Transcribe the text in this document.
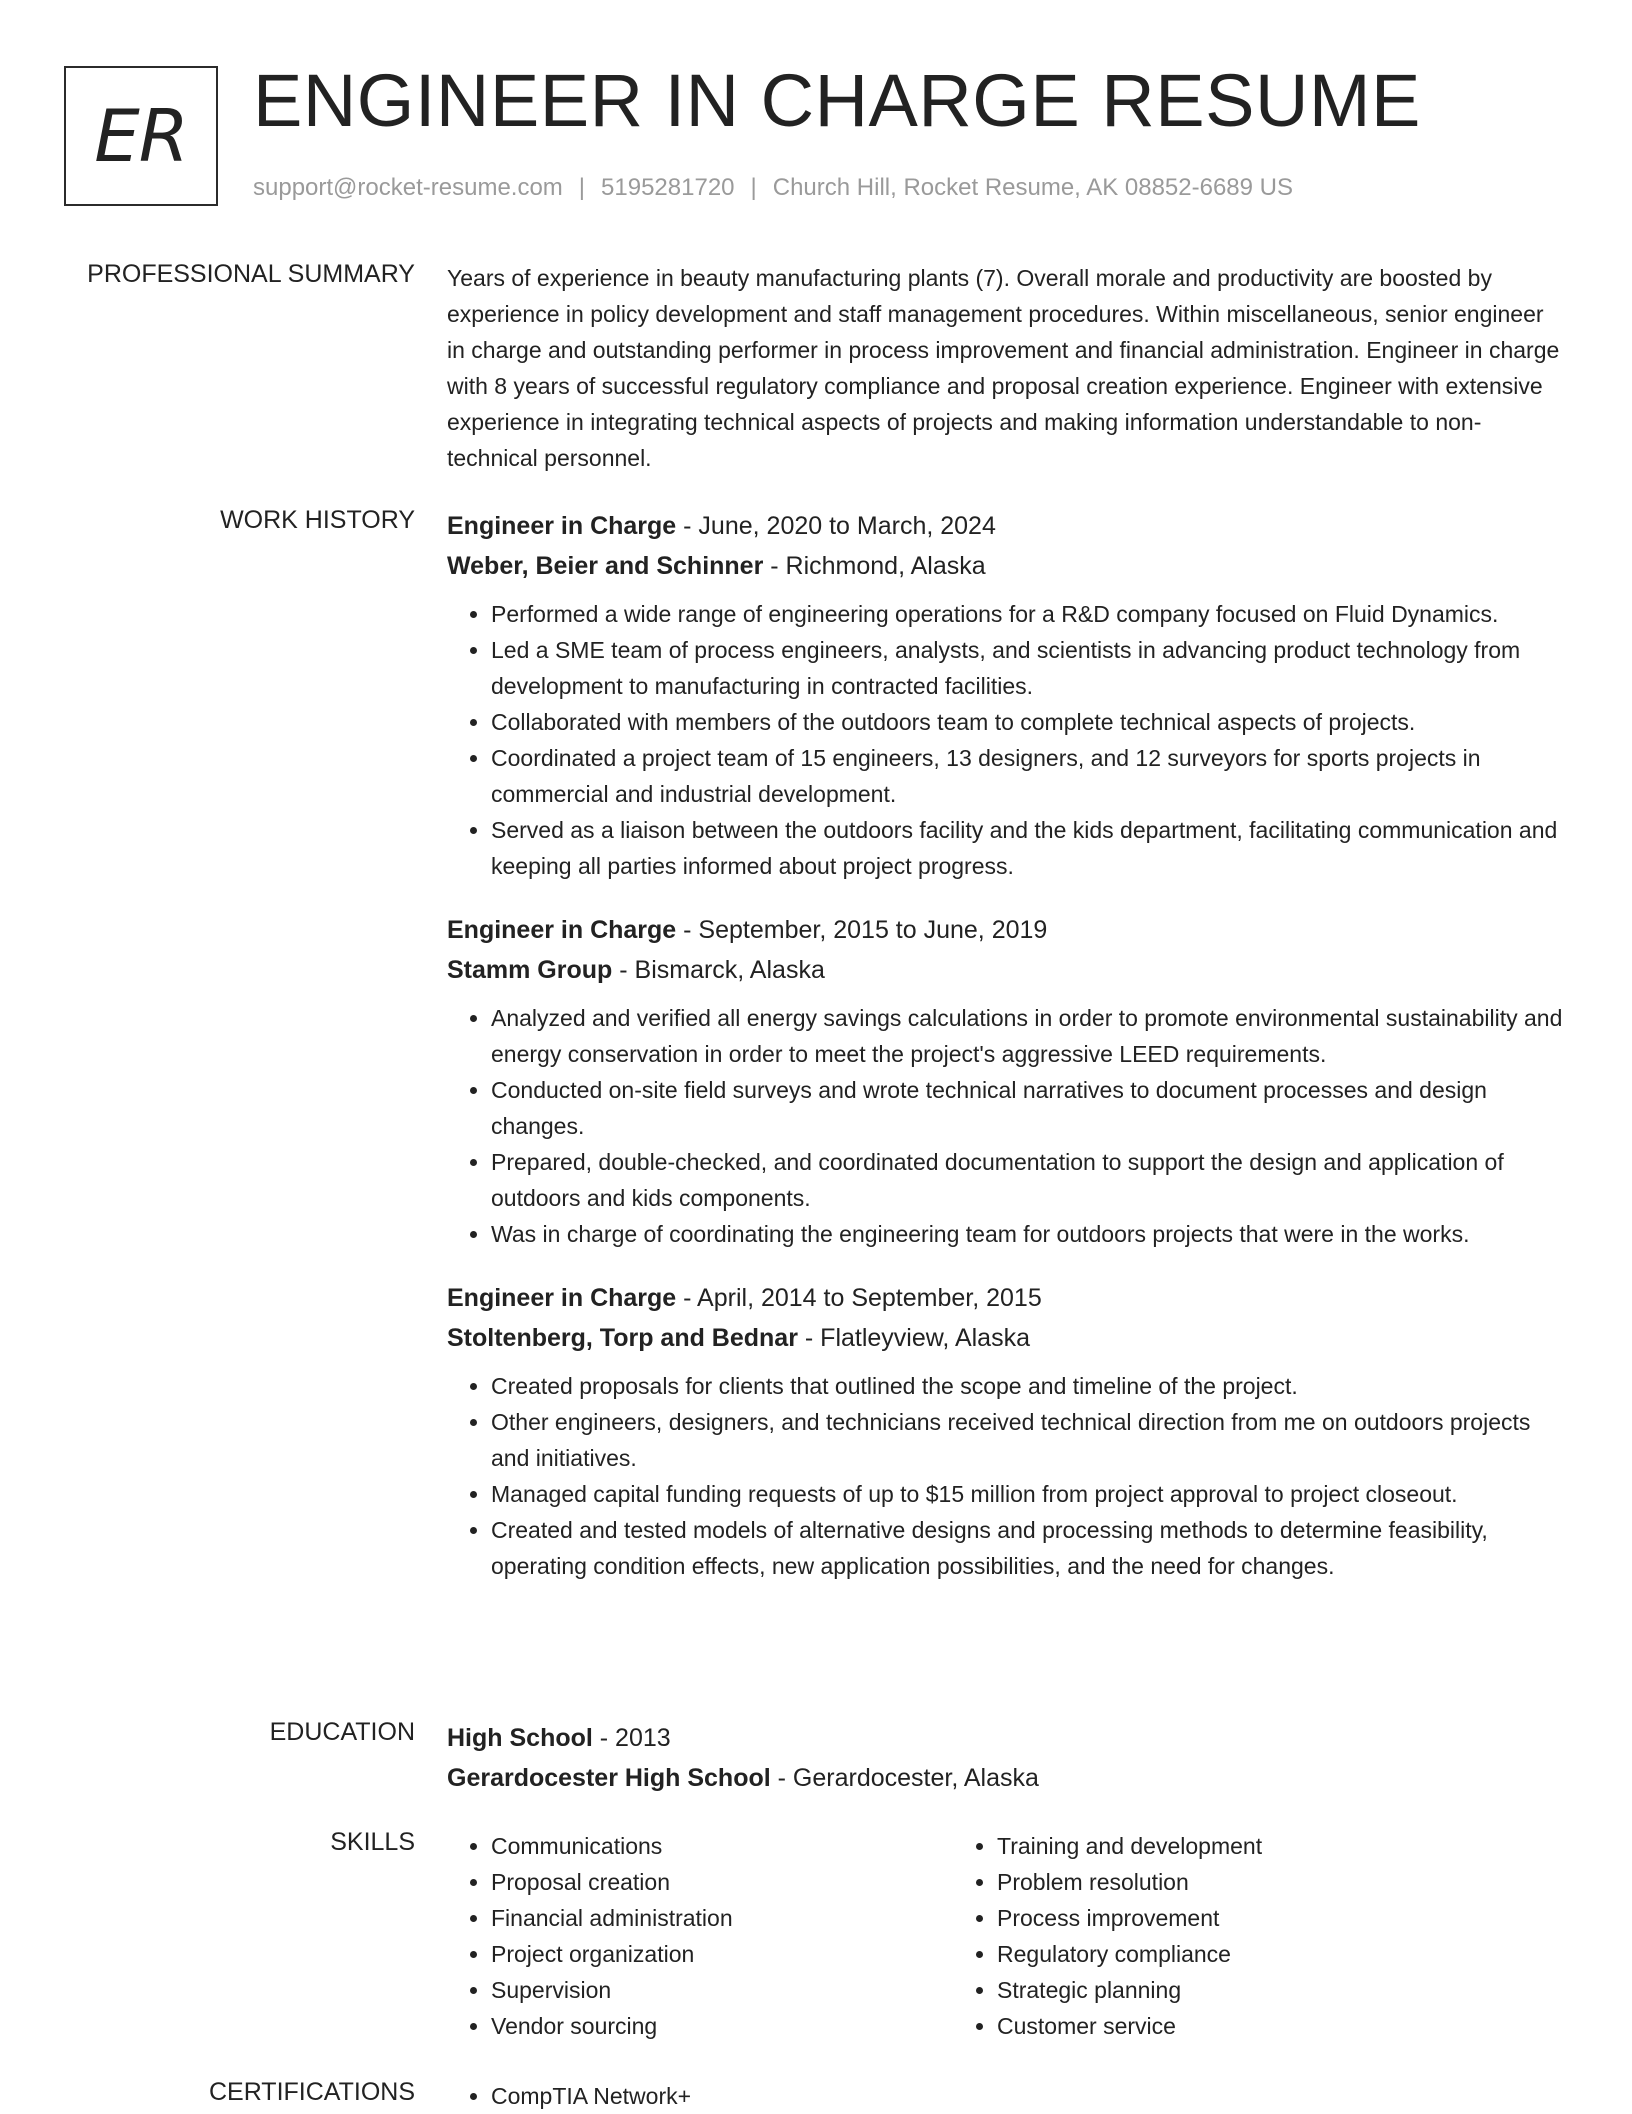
ER ENGINEER IN CHARGE RESUME
support@rocket-resume.com | 5195281720 | Church Hill, Rocket Resume, AK 08852-6689 US
PROFESSIONAL SUMMARY Years of experience in beauty manufacturing plants (7). Overall morale and productivity are boosted by experience in policy development and staff management procedures. Within miscellaneous, senior engineer in charge and outstanding performer in process improvement and financial administration. Engineer in charge with 8 years of successful regulatory compliance and proposal creation experience. Engineer with extensive experience in integrating technical aspects of projects and making information understandable to non-technical personnel.

WORK HISTORY Engineer in Charge - June, 2020 to March, 2024

Weber, Beier and Schinner - Richmond, Alaska

• Performed a wide range of engineering operations for a R&D company focused on Fluid Dynamics.
• Led a SME team of process engineers, analysts, and scientists in advancing product technology from development to manufacturing in contracted facilities.
• Collaborated with members of the outdoors team to complete technical aspects of projects.
• Coordinated a project team of 15 engineers, 13 designers, and 12 surveyors for sports projects in commercial and industrial development.
• Served as a liaison between the outdoors facility and the kids department, facilitating communication and keeping all parties informed about project progress.

Engineer in Charge - September, 2015 to June, 2019

Stamm Group - Bismarck, Alaska

• Analyzed and verified all energy savings calculations in order to promote environmental sustainability and energy conservation in order to meet the project's aggressive LEED requirements.
• Conducted on-site field surveys and wrote technical narratives to document processes and design changes.
• Prepared, double-checked, and coordinated documentation to support the design and application of outdoors and kids components.
• Was in charge of coordinating the engineering team for outdoors projects that were in the works.

Engineer in Charge - April, 2014 to September, 2015

Stoltenberg, Torp and Bednar - Flatleyview, Alaska

• Created proposals for clients that outlined the scope and timeline of the project.
• Other engineers, designers, and technicians received technical direction from me on outdoors projects and initiatives.
• Managed capital funding requests of up to $15 million from project approval to project closeout.
• Created and tested models of alternative designs and processing methods to determine feasibility, operating condition effects, new application possibilities, and the need for changes.
EDUCATION High School - 2013

Gerardocester High School - Gerardocester, Alaska

SKILLS	• Communications
• Proposal creation
• Financial administration
• Project organization
• Supervision
• Vendor sourcing
• Training and development
• Problem resolution
• Process improvement
• Regulatory compliance
• Strategic planning
• Customer service
CERTIFICATIONS	• CompTIA Network+
